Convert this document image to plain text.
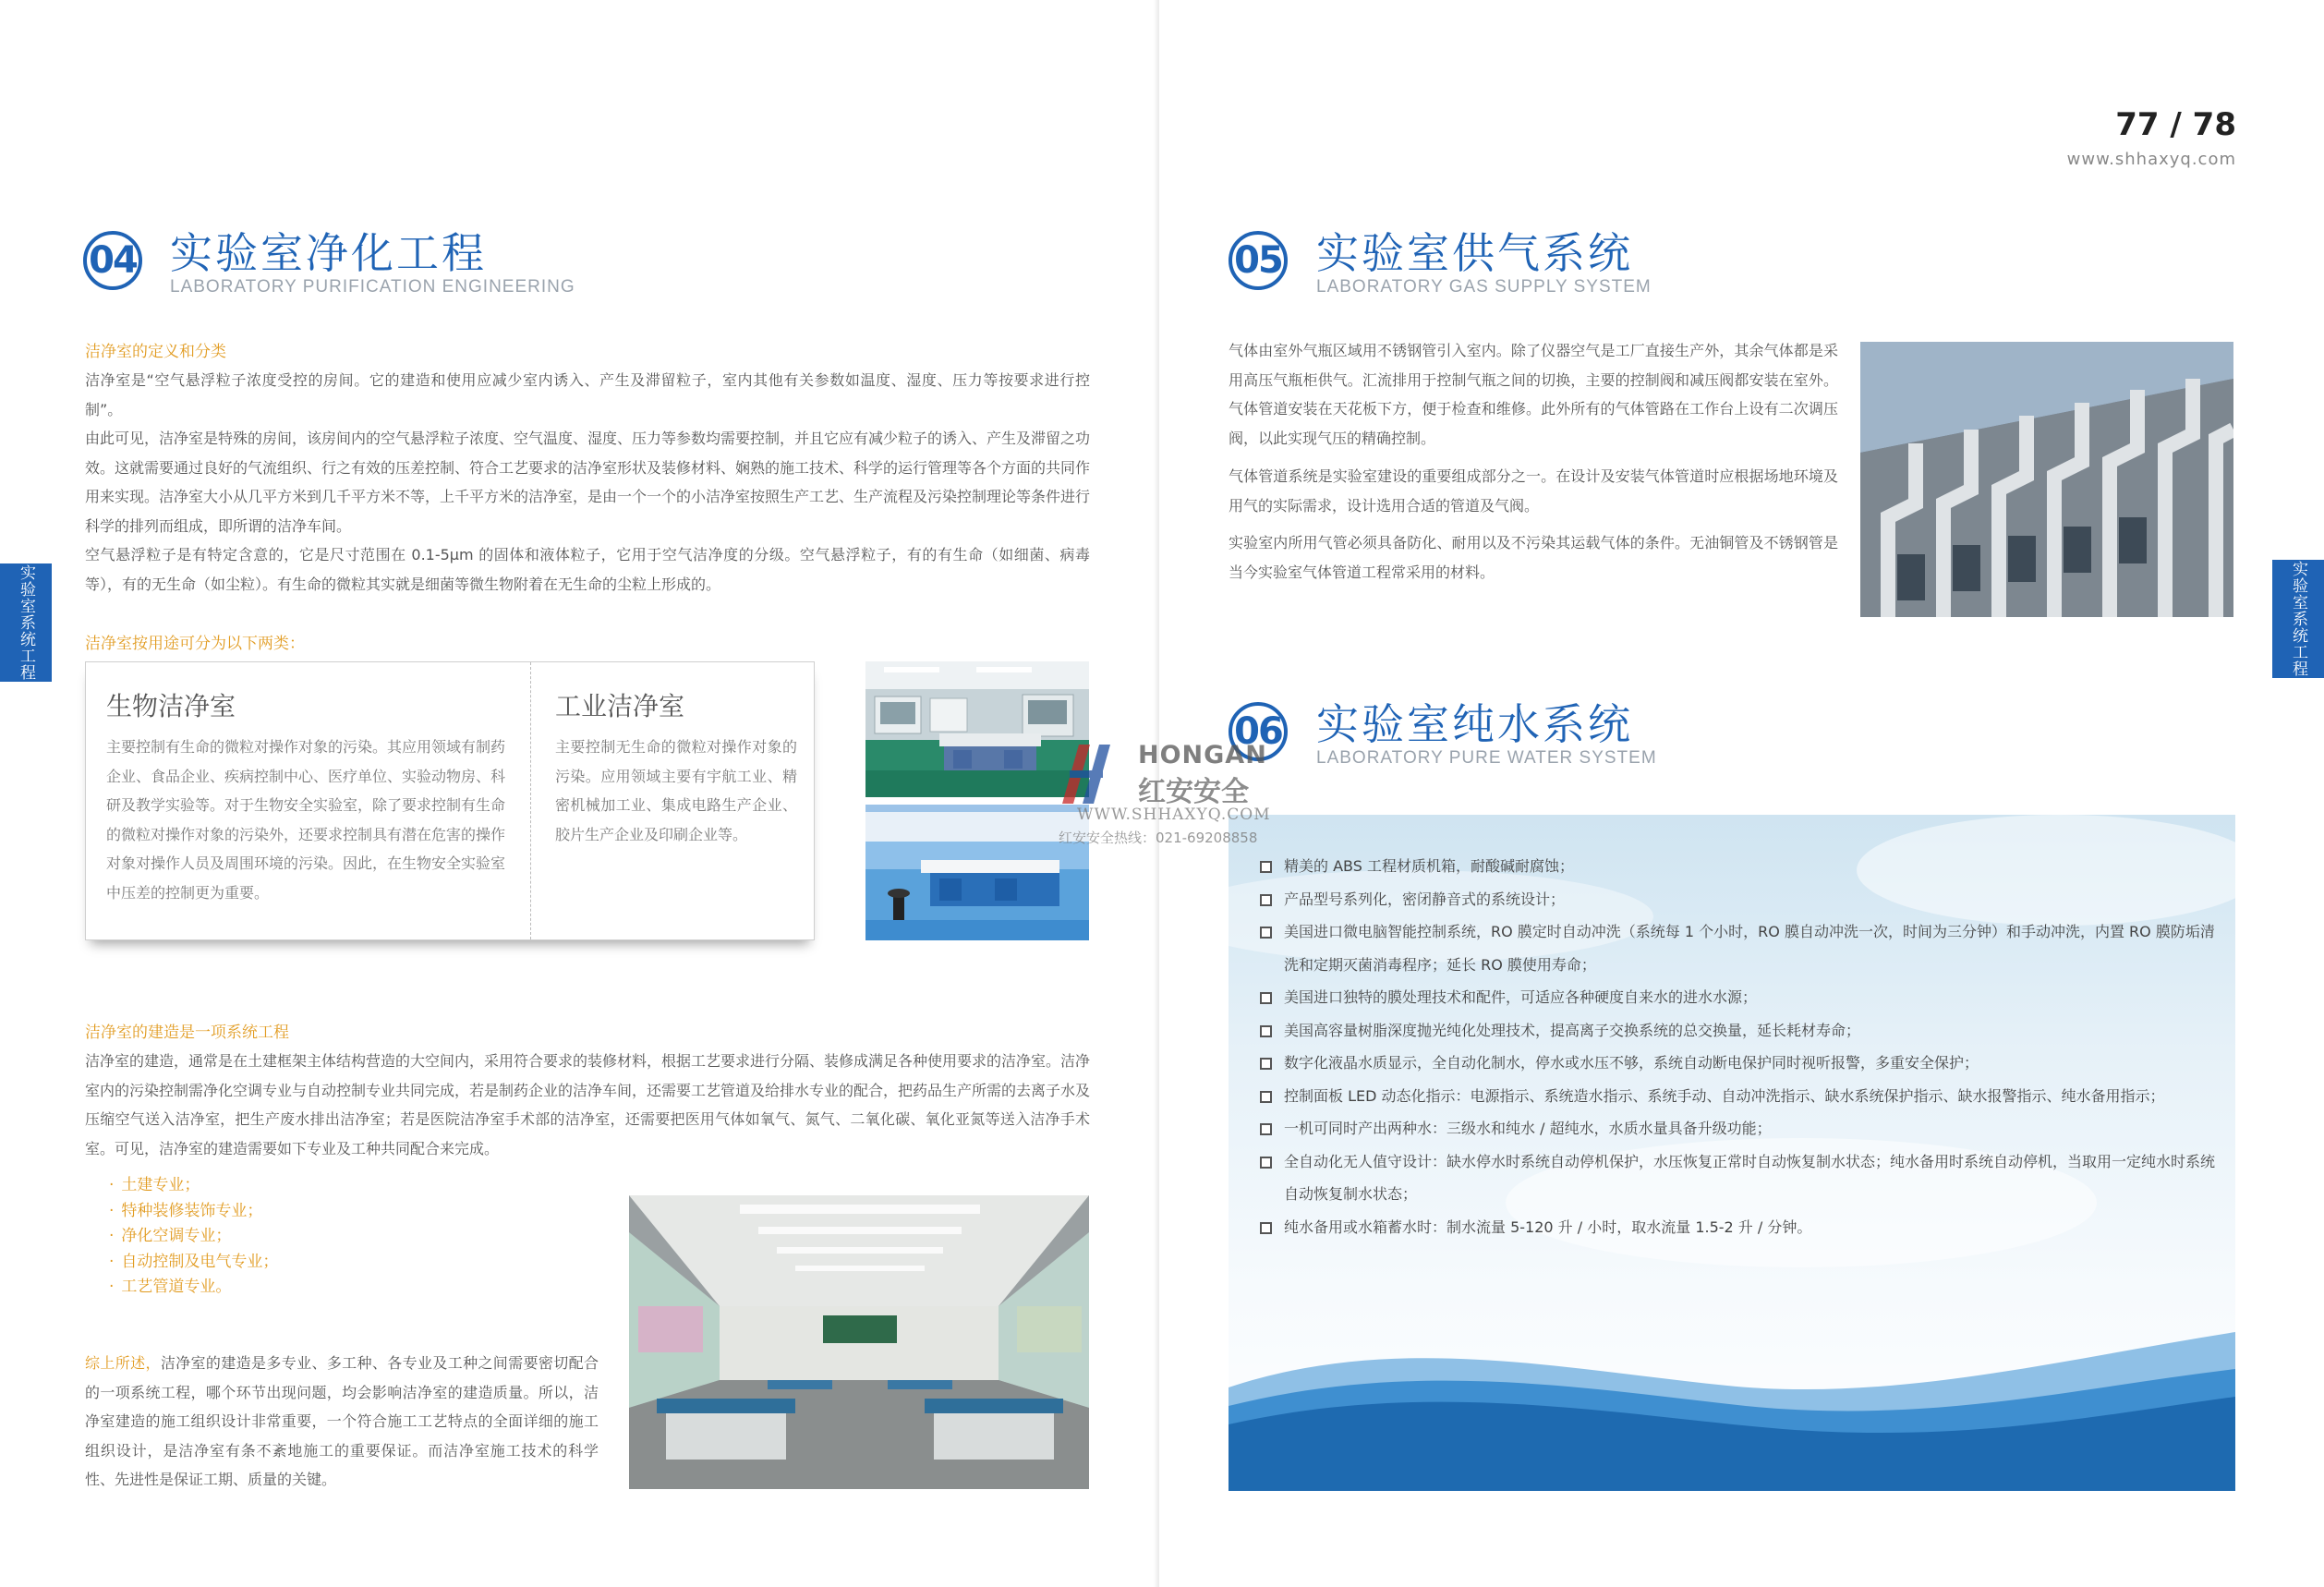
实验室系统工程
04 实验室净化工程
LABORATORY PURIFICATION ENGINEERING
洁净室的定义和分类

洁净室是“空气悬浮粒子浓度受控的房间。它的建造和使用应减少室内诱入、产生及滞留粒子，室内其他有关参数如温度、湿度、压力等按要求进行控制”。

由此可见，洁净室是特殊的房间，该房间内的空气悬浮粒子浓度、空气温度、湿度、压力等参数均需要控制，并且它应有减少粒子的诱入、产生及滞留之功效。这就需要通过良好的气流组织、行之有效的压差控制、符合工艺要求的洁净室形状及装修材料、娴熟的施工技术、科学的运行管理等各个方面的共同作用来实现。洁净室大小从几平方米到几千平方米不等，上千平方米的洁净室，是由一个一个的小洁净室按照生产工艺、生产流程及污染控制理论等条件进行科学的排列而组成，即所谓的洁净车间。

空气悬浮粒子是有特定含意的，它是尺寸范围在 0.1-5μm 的固体和液体粒子，它用于空气洁净度的分级。空气悬浮粒子，有的有生命（如细菌、病毒等），有的无生命（如尘粒）。有生命的微粒其实就是细菌等微生物附着在无生命的尘粒上形成的。

洁净室按用途可分为以下两类：
生物洁净室

主要控制有生命的微粒对操作对象的污染。其应用领域有制药企业、食品企业、疾病控制中心、医疗单位、实验动物房、科研及教学实验等。对于生物安全实验室，除了要求控制有生命的微粒对操作对象的污染外，还要求控制具有潜在危害的操作对象对操作人员及周围环境的污染。因此，在生物安全实验室中压差的控制更为重要。

工业洁净室

主要控制无生命的微粒对操作对象的污染。应用领域主要有宇航工业、精密机械加工业、集成电路生产企业、胶片生产企业及印刷企业等。

洁净室的建造是一项系统工程

洁净室的建造，通常是在土建框架主体结构营造的大空间内，采用符合要求的装修材料，根据工艺要求进行分隔、装修成满足各种使用要求的洁净室。洁净室内的污染控制需净化空调专业与自动控制专业共同完成，若是制药企业的洁净车间，还需要工艺管道及给排水专业的配合，把药品生产所需的去离子水及压缩空气送入洁净室，把生产废水排出洁净室；若是医院洁净室手术部的洁净室，还需要把医用气体如氧气、氮气、二氧化碳、氧化亚氮等送入洁净手术室。可见，洁净室的建造需要如下专业及工种共同配合来完成。

· 土建专业；
· 特种装修装饰专业；
· 净化空调专业；
· 自动控制及电气专业；
· 工艺管道专业。

综上所述，洁净室的建造是多专业、多工种、各专业及工种之间需要密切配合的一项系统工程，哪个环节出现问题，均会影响洁净室的建造质量。所以，洁净室建造的施工组织设计非常重要，一个符合施工工艺特点的全面详细的施工组织设计，是洁净室有条不紊地施工的重要保证。而洁净室施工技术的科学性、先进性是保证工期、质量的关键。

77 / 78
www.shhaxyq.com
实验室系统工程
05 实验室供气系统
LABORATORY GAS SUPPLY SYSTEM

气体由室外气瓶区域用不锈钢管引入室内。除了仪器空气是工厂直接生产外，其余气体都是采用高压气瓶柜供气。汇流排用于控制气瓶之间的切换，主要的控制阀和减压阀都安装在室外。气体管道安装在天花板下方，便于检查和维修。此外所有的气体管路在工作台上设有二次调压阀，以此实现气压的精确控制。

气体管道系统是实验室建设的重要组成部分之一。在设计及安装气体管道时应根据场地环境及用气的实际需求，设计选用合适的管道及气阀。

实验室内所用气管必须具备防化、耐用以及不污染其运载气体的条件。无油铜管及不锈钢管是当今实验室气体管道工程常采用的材料。

06 实验室纯水系统
LABORATORY PURE WATER SYSTEM
精美的 ABS 工程材质机箱，耐酸碱耐腐蚀；
产品型号系列化，密闭静音式的系统设计；
美国进口微电脑智能控制系统，RO 膜定时自动冲洗（系统每 1 个小时，RO 膜自动冲洗一次，时间为三分钟）和手动冲洗，内置 RO 膜防垢清洗和定期灭菌消毒程序；延长 RO 膜使用寿命；
美国进口独特的膜处理技术和配件，可适应各种硬度自来水的进水水源；
美国高容量树脂深度抛光纯化处理技术，提高离子交换系统的总交换量，延长耗材寿命；
数字化液晶水质显示，全自动化制水，停水或水压不够，系统自动断电保护同时视听报警，多重安全保护；
控制面板 LED 动态化指示：电源指示、系统造水指示、系统手动、自动冲洗指示、缺水系统保护指示、缺水报警指示、纯水备用指示；
一机可同时产出两种水：三级水和纯水 / 超纯水，水质水量具备升级功能；
全自动化无人值守设计：缺水停水时系统自动停机保护，水压恢复正常时自动恢复制水状态；纯水备用时系统自动停机，当取用一定纯水时系统自动恢复制水状态；
纯水备用或水箱蓄水时：制水流量 5-120 升 / 小时，取水流量 1.5-2 升 / 分钟。
HONGAN
红安安全
WWW.SHHAXYQ.COM
红安安全热线：021-69208858
